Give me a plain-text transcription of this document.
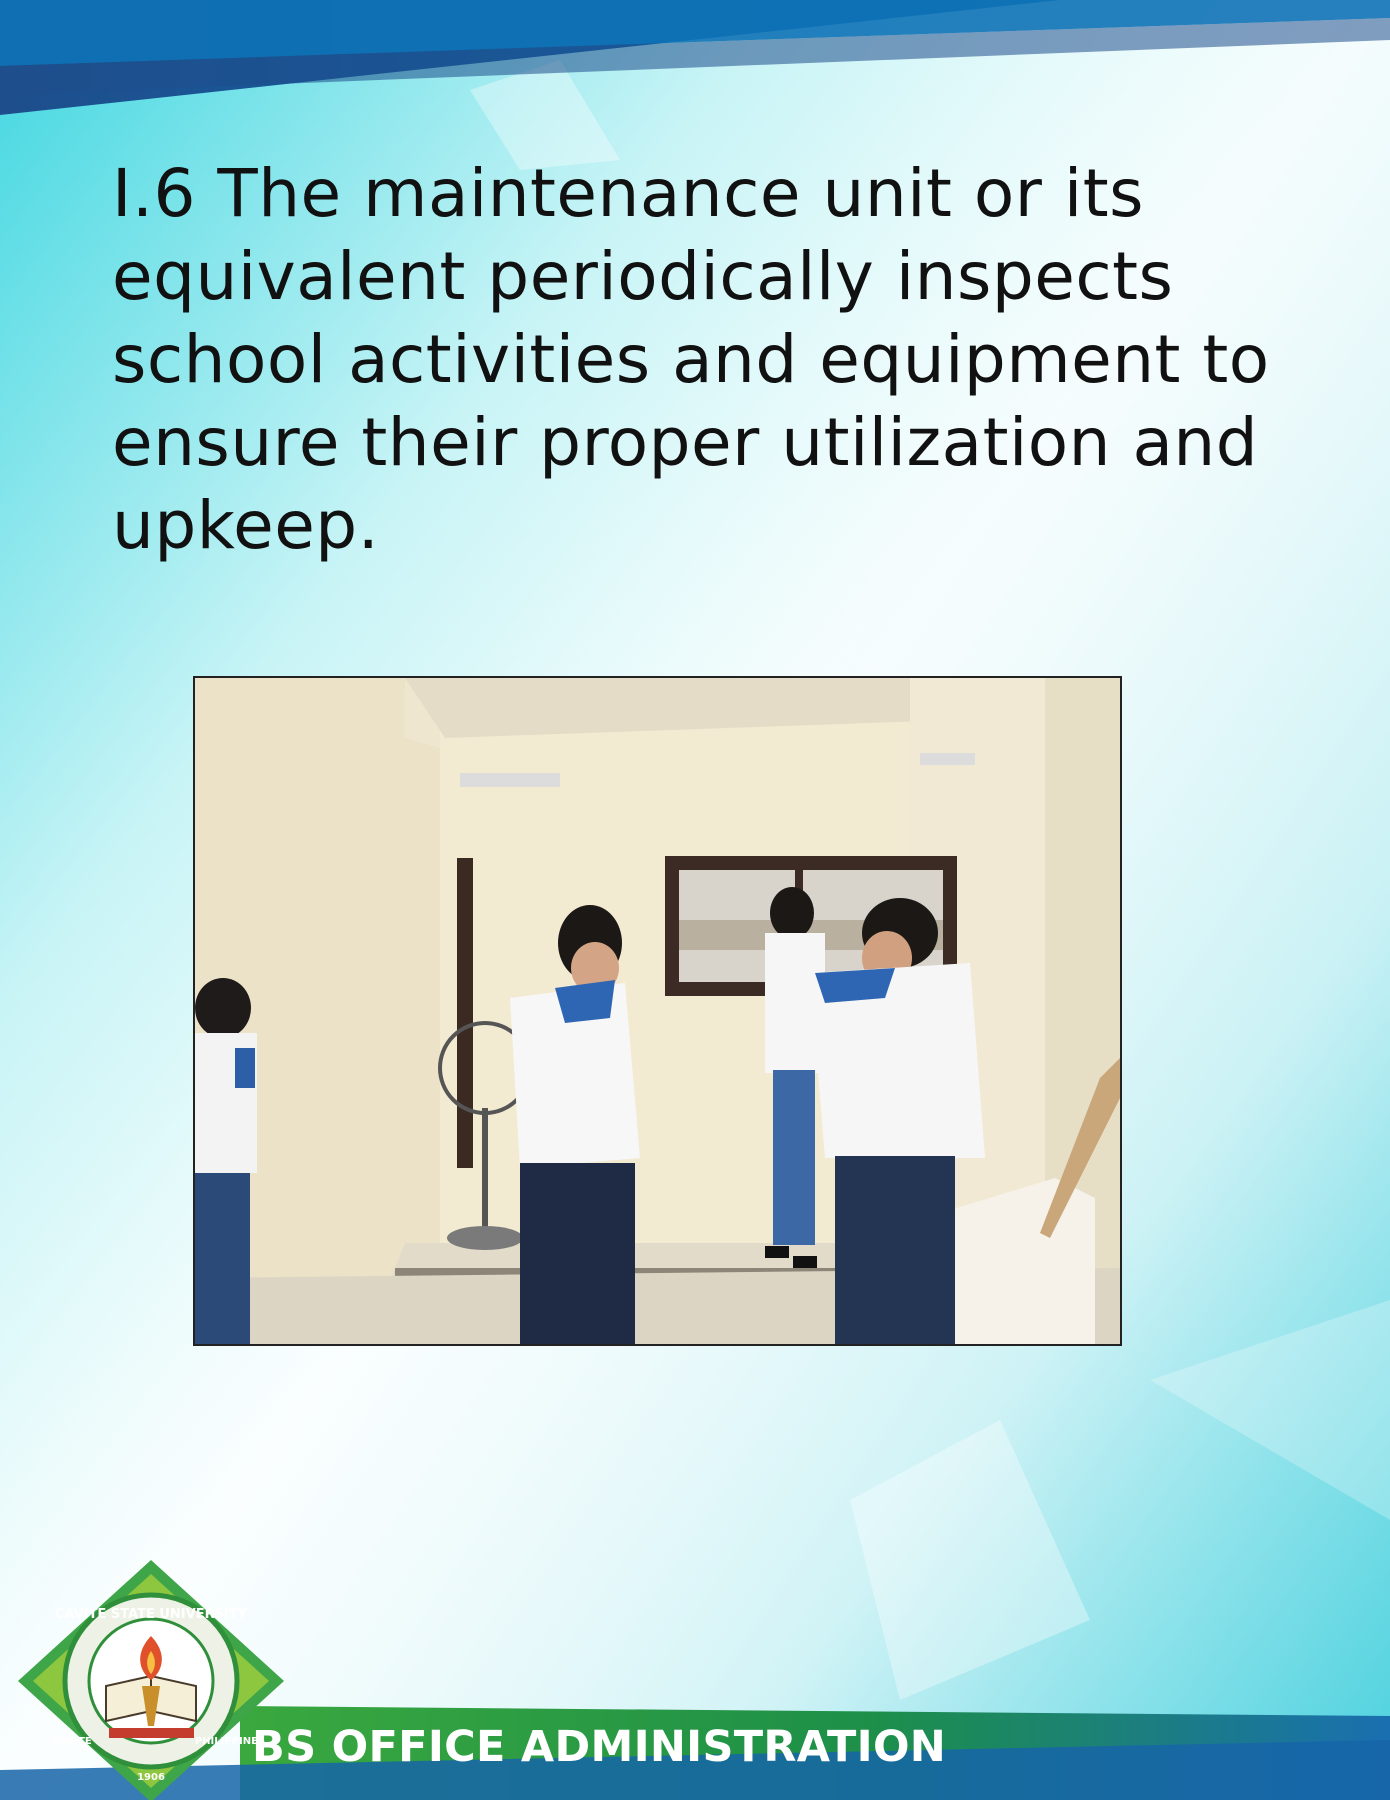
I.6 The maintenance unit or its equivalent periodically inspects school activities and equipment to ensure their proper utilization and upkeep.
CAVITE STATE UNIVERSITY
CAVITE	PHILIPPINES
1906
BS OFFICE ADMINISTRATION
